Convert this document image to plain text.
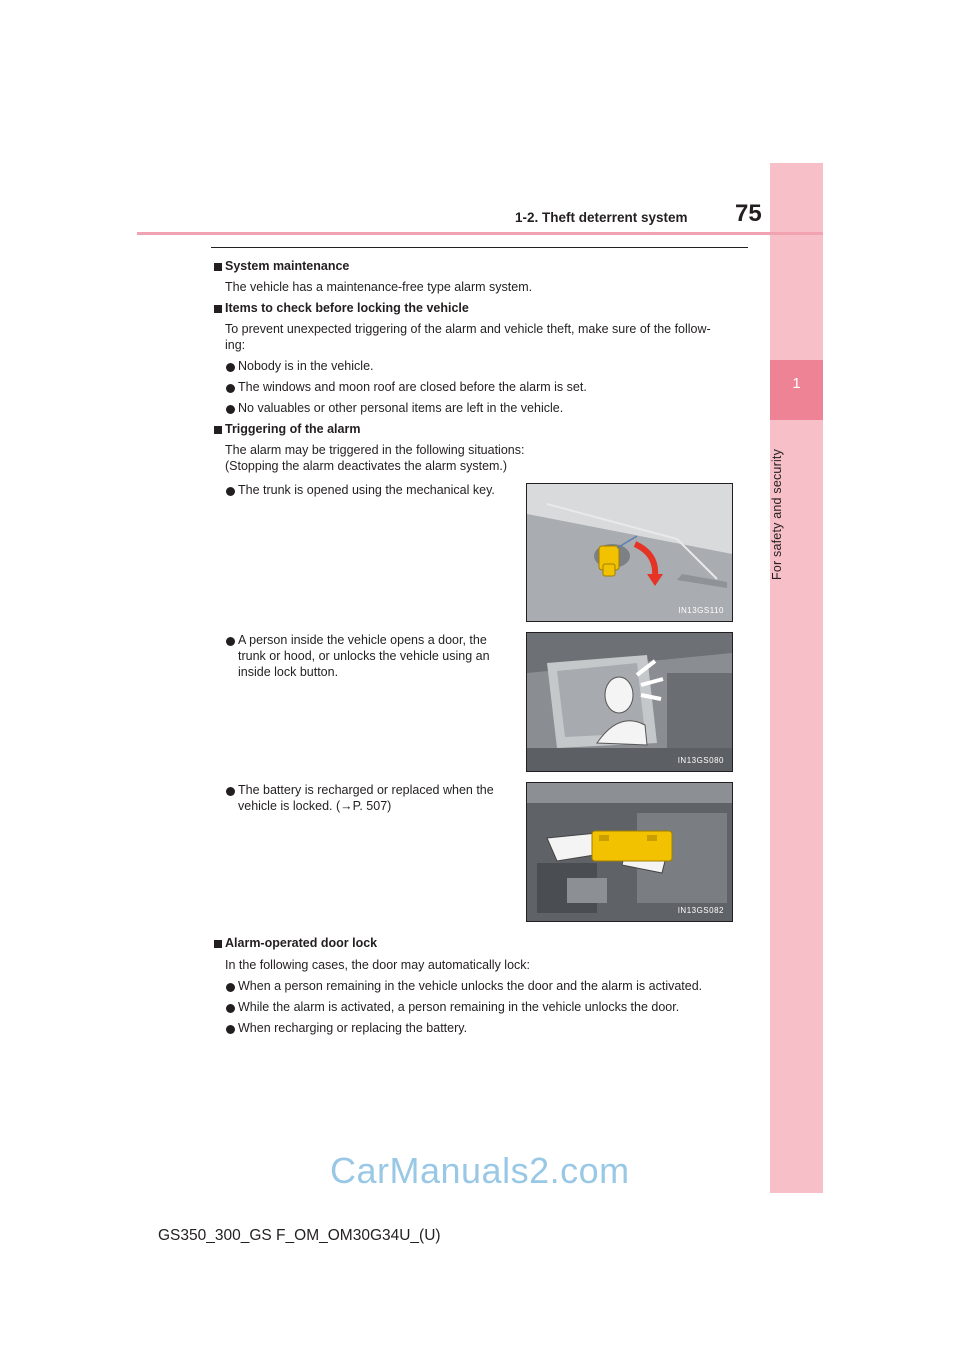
1
For safety and security
1-2. Theft deterrent system 75
System maintenance
The vehicle has a maintenance-free type alarm system.
Items to check before locking the vehicle
To prevent unexpected triggering of the alarm and vehicle theft, make sure of the follow-
ing:
Nobody is in the vehicle.
The windows and moon roof are closed before the alarm is set.
No valuables or other personal items are left in the vehicle.
Triggering of the alarm
The alarm may be triggered in the following situations:
(Stopping the alarm deactivates the alarm system.)
The trunk is opened using the mechanical key.
IN13GS110
A person inside the vehicle opens a door, the
trunk or hood, or unlocks the vehicle using an
inside lock button.
IN13GS080
The battery is recharged or replaced when the
vehicle is locked. (→P. 507)
IN13GS082
Alarm-operated door lock
In the following cases, the door may automatically lock:
When a person remaining in the vehicle unlocks the door and the alarm is activated.
While the alarm is activated, a person remaining in the vehicle unlocks the door.
When recharging or replacing the battery.
CarManuals2.com
GS350_300_GS F_OM_OM30G34U_(U)
